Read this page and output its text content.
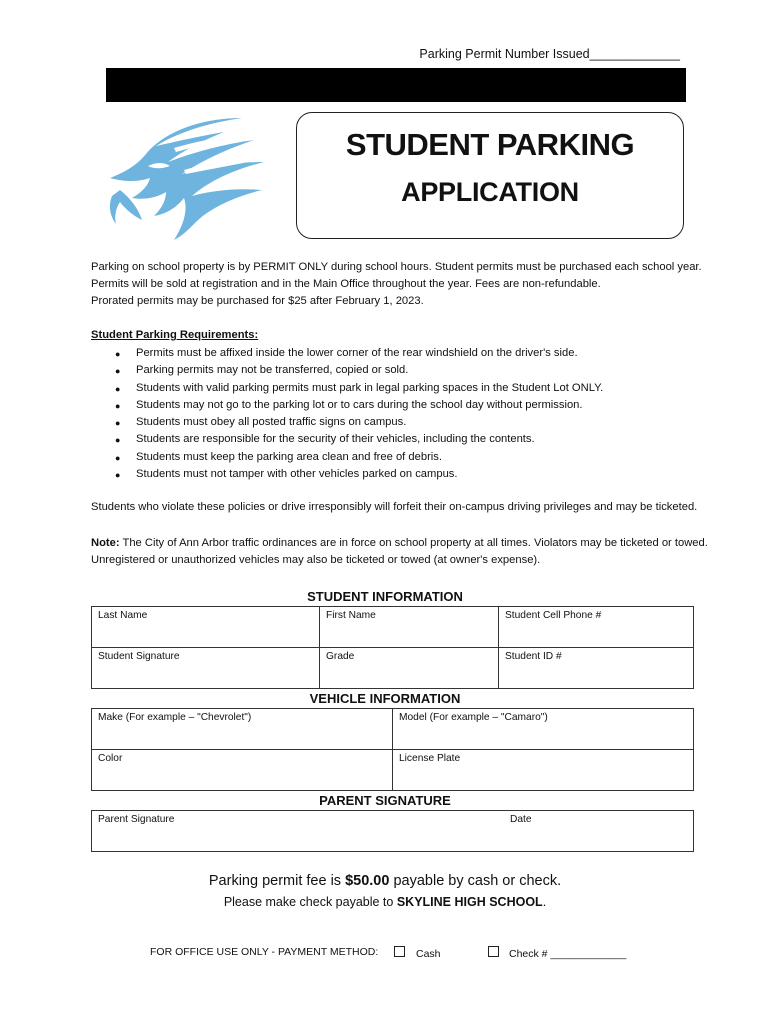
Parking Permit Number Issued_____________
STUDENT PARKING
APPLICATION
Parking on school property is by PERMIT ONLY during school hours. Student permits must be purchased each school year.
Permits will be sold at registration and in the Main Office throughout the year. Fees are non-refundable.
Prorated permits may be purchased for $25 after February 1, 2023.
Student Parking Requirements:
● Permits must be affixed inside the lower corner of the rear windshield on the driver's side.
● Parking permits may not be transferred, copied or sold.
● Students with valid parking permits must park in legal parking spaces in the Student Lot ONLY.
● Students may not go to the parking lot or to cars during the school day without permission.
● Students must obey all posted traffic signs on campus.
● Students are responsible for the security of their vehicles, including the contents.
● Students must keep the parking area clean and free of debris.
● Students must not tamper with other vehicles parked on campus.
Students who violate these policies or drive irresponsibly will forfeit their on-campus driving privileges and may be ticketed.
Note: The City of Ann Arbor traffic ordinances are in force on school property at all times. Violators may be ticketed or towed.
Unregistered or unauthorized vehicles may also be ticketed or towed (at owner's expense).
STUDENT INFORMATION
Last Name	First Name	Student Cell Phone #
Student Signature	Grade	Student ID #
VEHICLE INFORMATION
Make (For example – "Chevrolet")	Model (For example – "Camaro")
Color	License Plate
PARENT SIGNATURE
Parent Signature	Date
Parking permit fee is $50.00 payable by cash or check.
Please make check payable to SKYLINE HIGH SCHOOL.
FOR OFFICE USE ONLY - PAYMENT METHOD:	Cash	Check # _____________
